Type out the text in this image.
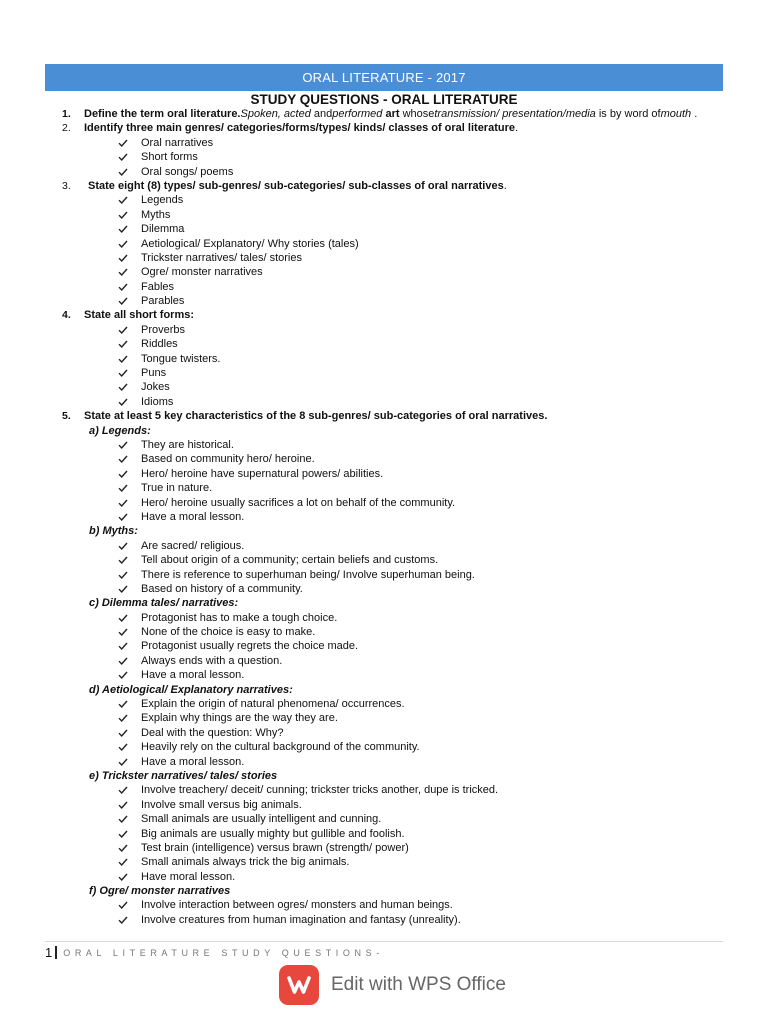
ORAL LITERATURE - 2017
STUDY QUESTIONS - ORAL LITERATURE
1. Define the term oral literature.Spoken, acted andperformed art whosetransmission/ presentation/media is by word ofmouth .
2. Identify three main genres/ categories/forms/types/ kinds/ classes of oral literature.
Oral narratives
Short forms
Oral songs/ poems
3. State eight (8) types/ sub-genres/ sub-categories/ sub-classes of oral narratives.
Legends
Myths
Dilemma
Aetiological/ Explanatory/ Why stories (tales)
Trickster narratives/ tales/ stories
Ogre/ monster narratives
Fables
Parables
4. State all short forms:
Proverbs
Riddles
Tongue twisters.
Puns
Jokes
Idioms
5. State at least 5 key characteristics of the 8 sub-genres/ sub-categories of oral narratives.
a) Legends:
They are historical.
Based on community hero/ heroine.
Hero/ heroine have supernatural powers/ abilities.
True in nature.
Hero/ heroine usually sacrifices a lot on behalf of the community.
Have a moral lesson.
b) Myths:
Are sacred/ religious.
Tell about origin of a community; certain beliefs and customs.
There is reference to superhuman being/ Involve superhuman being.
Based on history of a community.
c) Dilemma tales/ narratives:
Protagonist has to make a tough choice.
None of the choice is easy to make.
Protagonist usually regrets the choice made.
Always ends with a question.
Have a moral lesson.
d) Aetiological/ Explanatory narratives:
Explain the origin of natural phenomena/ occurrences.
Explain why things are the way they are.
Deal with the question: Why?
Heavily rely on the cultural background of the community.
Have a moral lesson.
e) Trickster narratives/ tales/ stories
Involve treachery/ deceit/ cunning; trickster tricks another, dupe is tricked.
Involve small versus big animals.
Small animals are usually intelligent and cunning.
Big animals are usually mighty but gullible and foolish.
Test brain (intelligence) versus brawn (strength/ power)
Small animals always trick the big animals.
Have moral lesson.
f) Ogre/ monster narratives
Involve interaction between ogres/ monsters and human beings.
Involve creatures from human imagination and fantasy (unreality).
1 ORAL LITERATURE STUDY QUESTIONS-
Edit with WPS Office
